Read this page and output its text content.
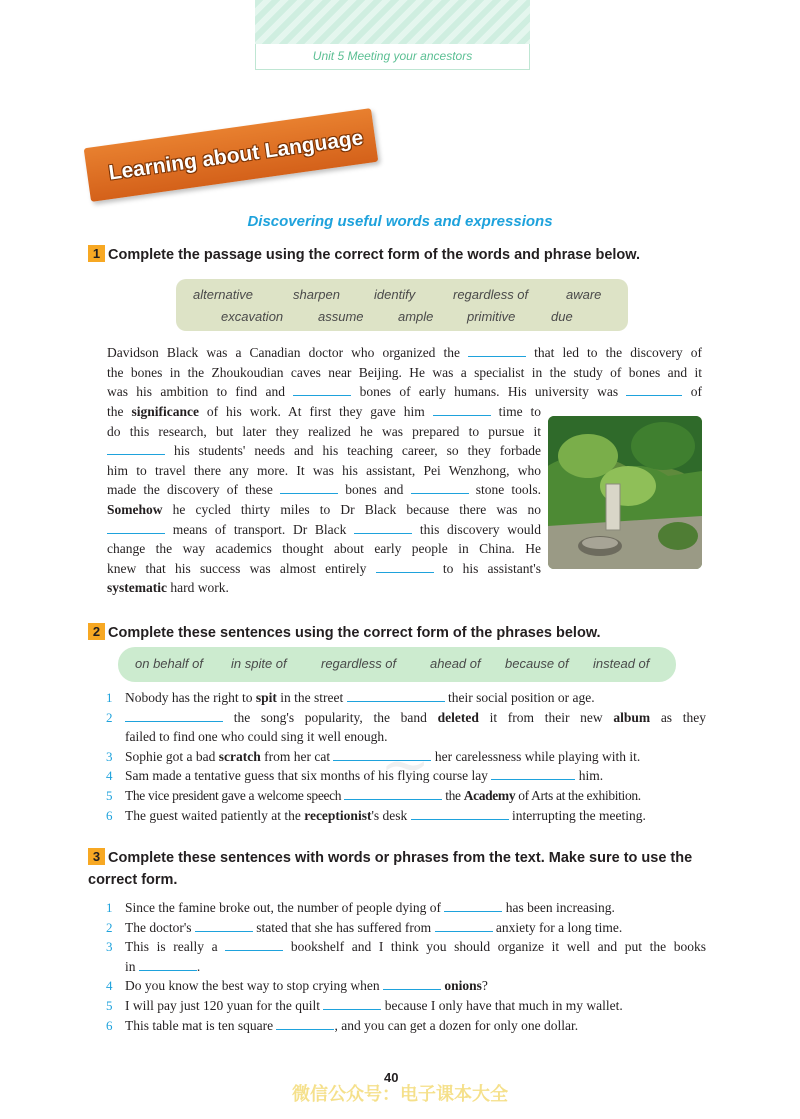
Unit 5 Meeting your ancestors
Learning about Language
Discovering useful words and expressions
1 Complete the passage using the correct form of the words and phrase below.
alternative	sharpen	identify	regardless of	aware
excavation	assume	ample	primitive	due
Davidson Black was a Canadian doctor who organized the	that led to the discovery of
the bones in the Zhoukoudian caves near Beijing. He was a specialist in the study of bones and it
was his ambition to find and	bones of early humans. His university was	of
the significance of his work. At first they gave him	time to
do this research, but later they realized he was prepared to pursue it
his students' needs and his teaching career, so they forbade
him to travel there any more. It was his assistant, Pei Wenzhong, who
made the discovery of these	bones and	stone tools.
Somehow he cycled thirty miles to Dr Black because there was no
means of transport. Dr Black	this discovery would
change the way academics thought about early people in China. He
knew that his success was almost entirely	to his assistant's
systematic hard work.
2 Complete these sentences using the correct form of the phrases below.
on behalf of in spite of	regardless of	ahead of because of instead of
~
1 Nobody has the right to spit in the street	their social position or age.
2	the song's popularity, the band deleted it from their new album as they
failed to find one who could sing it well enough.
3 Sophie got a bad scratch from her cat	her carelessness while playing with it.
4 Sam made a tentative guess that six months of his flying course lay	him.
5 The vice president gave a welcome speech	the Academy of Arts at the exhibition.
6 The guest waited patiently at the receptionist's desk	interrupting the meeting.
3 Complete these sentences with words or phrases from the text. Make sure to use the correct form.
1 Since the famine broke out, the number of people dying of	has been increasing.
2 The doctor's	stated that she has suffered from	anxiety for a long time.
3 This is really a	bookshelf and I think you should organize it well and put the books
in	.
4 Do you know the best way to stop crying when	onions?
5 I will pay just 120 yuan for the quilt	because I only have that much in my wallet.
6 This table mat is ten square	, and you can get a dozen for only one dollar.
微信公众号：电子课本大全
40
